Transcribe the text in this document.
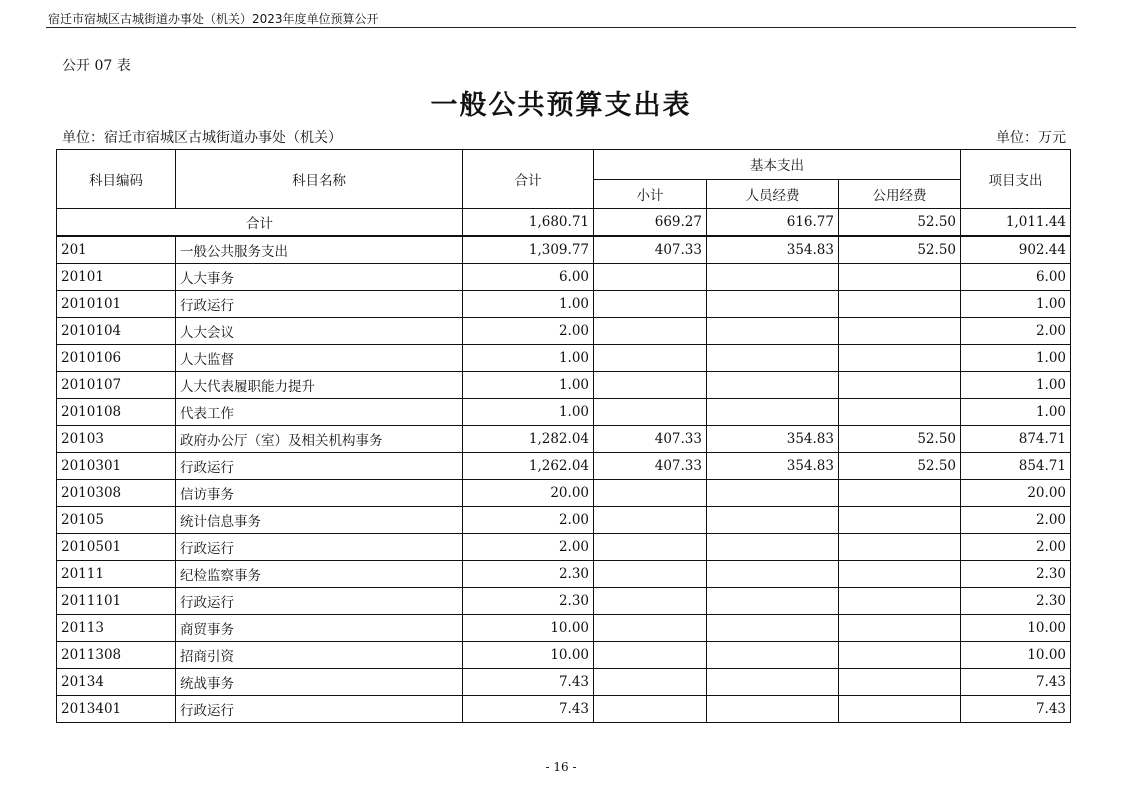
宿迁市宿城区古城街道办事处（机关）2023年度单位预算公开
公开 07 表
一般公共预算支出表
单位：宿迁市宿城区古城街道办事处（机关）	单位：万元
科目编码	科目名称	合计	基本支出			项目支出
			小计	人员经费	公用经费	
合计		1,680.71	669.27	616.77	52.50	1,011.44
201	一般公共服务支出	1,309.77	407.33	354.83	52.50	902.44
20101	人大事务	6.00				6.00
2010101	行政运行	1.00				1.00
2010104	人大会议	2.00				2.00
2010106	人大监督	1.00				1.00
2010107	人大代表履职能力提升	1.00				1.00
2010108	代表工作	1.00				1.00
20103	政府办公厅（室）及相关机构事务	1,282.04	407.33	354.83	52.50	874.71
2010301	行政运行	1,262.04	407.33	354.83	52.50	854.71
2010308	信访事务	20.00				20.00
20105	统计信息事务	2.00				2.00
2010501	行政运行	2.00				2.00
20111	纪检监察事务	2.30				2.30
2011101	行政运行	2.30				2.30
20113	商贸事务	10.00				10.00
2011308	招商引资	10.00				10.00
20134	统战事务	7.43				7.43
2013401	行政运行	7.43				7.43
- 16 -
